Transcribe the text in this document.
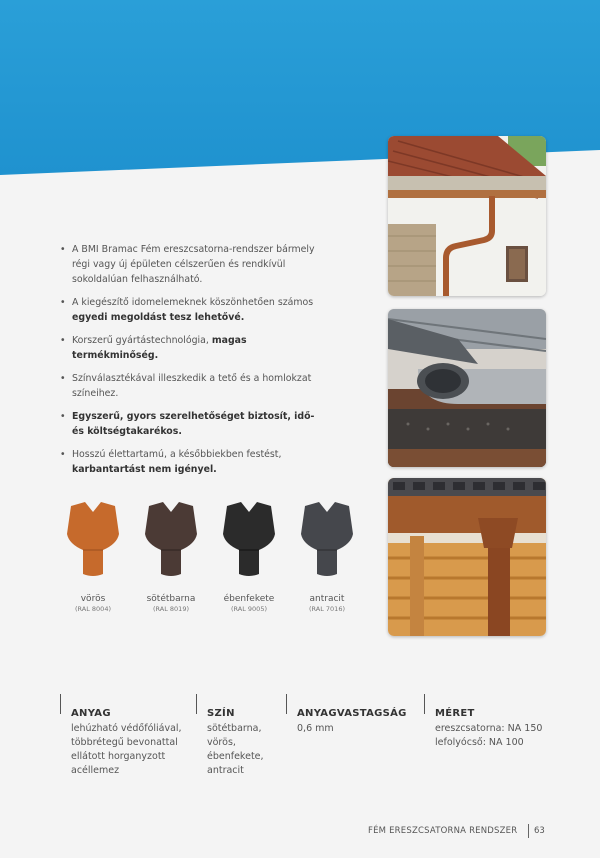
• A BMI Bramac Fém ereszcsatorna-rendszer bármely régi vagy új épületen célszerűen és rendkívül sokoldalúan felhasználható.
• A kiegészítő idomelemeknek köszönhetően számos egyedi megoldást tesz lehetővé.
• Korszerű gyártástechnológia, magas termékminőség.
• Színválasztékával illeszkedik a tető és a homlokzat színeihez.
• Egyszerű, gyors szerelhetőséget biztosít, idő- és költségtakarékos.
• Hosszú élettartamú, a későbbiekben festést, karbantartást nem igényel.
vörös
(RAL 8004)
sötétbarna
(RAL 8019)
ébenfekete
(RAL 9005)
antracit
(RAL 7016)
ANYAG
lehúzható védőfóliával,
többrétegű bevonattal
ellátott horganyzott
acéllemez
SZÍN
sötétbarna,
vörös,
ébenfekete,
antracit
ANYAGVASTAGSÁG
0,6 mm
MÉRET
ereszcsatorna: NA 150
lefolyócső: NA 100
FÉM ERESZCSATORNA RENDSZER 63
